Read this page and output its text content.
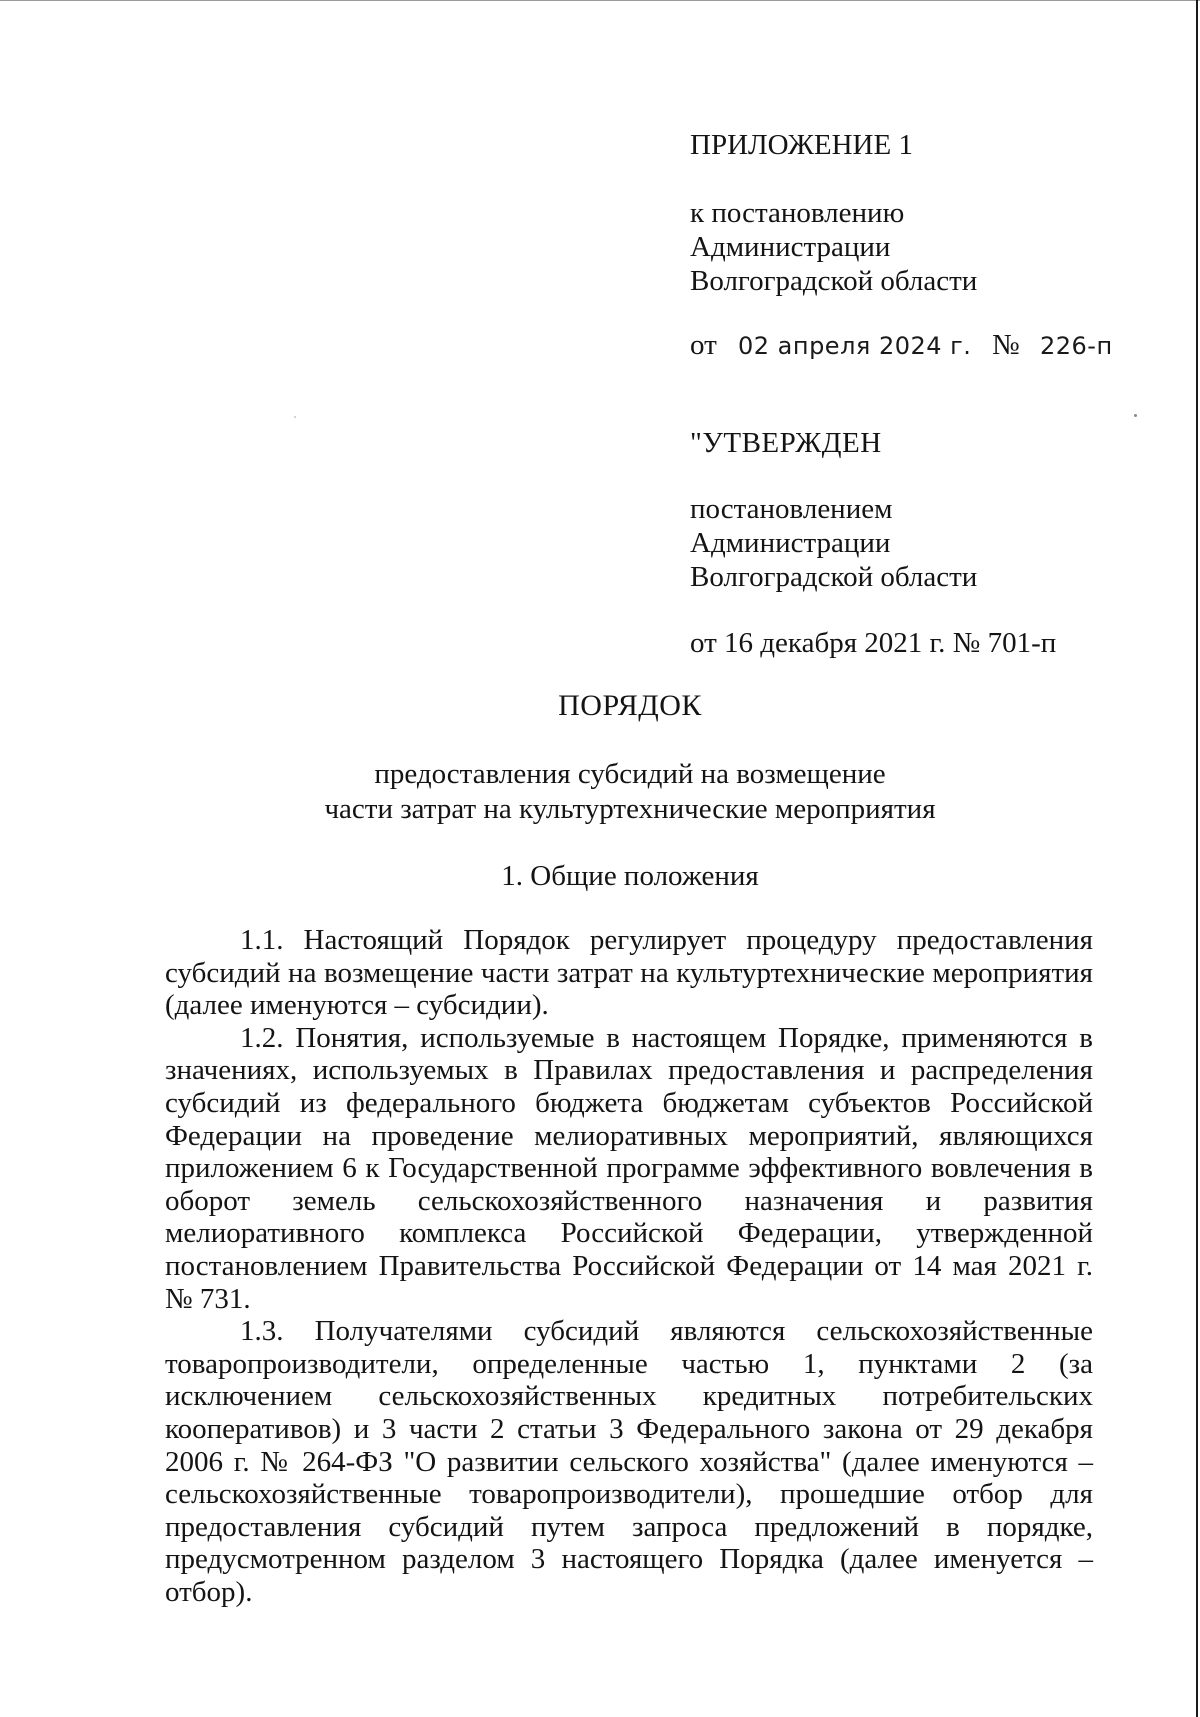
ПРИЛОЖЕНИЕ 1
к постановлению
Администрации
Волгоградской области
от 02 апреля 2024 г. № 226-п
"УТВЕРЖДЕН
постановлением
Администрации
Волгоградской области
от 16 декабря 2021 г. № 701-п
ПОРЯДОК
предоставления субсидий на возмещение
части затрат на культуртехнические мероприятия
1. Общие положения

1.1. Настоящий Порядок регулирует процедуру предоставления субсидий на возмещение части затрат на культуртехнические мероприятия (далее именуются – субсидии).

1.2. Понятия, используемые в настоящем Порядке, применяются в значениях, используемых в Правилах предоставления и распределения субсидий из федерального бюджета бюджетам субъектов Российской Федерации на проведение мелиоративных мероприятий, являющихся приложением 6 к Государственной программе эффективного вовлечения в оборот земель сельскохозяйственного назначения и развития мелиоративного комплекса Российской Федерации, утвержденной постановлением Правительства Российской Федерации от 14 мая 2021 г. № 731.

1.3. Получателями субсидий являются сельскохозяйственные товаропроизводители, определенные частью 1, пунктами 2 (за исключением сельскохозяйственных кредитных потребительских кооперативов) и 3 части 2 статьи 3 Федерального закона от 29 декабря 2006 г. № 264-ФЗ "О развитии сельского хозяйства" (далее именуются – сельскохозяйственные товаропроизводители), прошедшие отбор для предоставления субсидий путем запроса предложений в порядке, предусмотренном разделом 3 настоящего Порядка (далее именуется – отбор).
